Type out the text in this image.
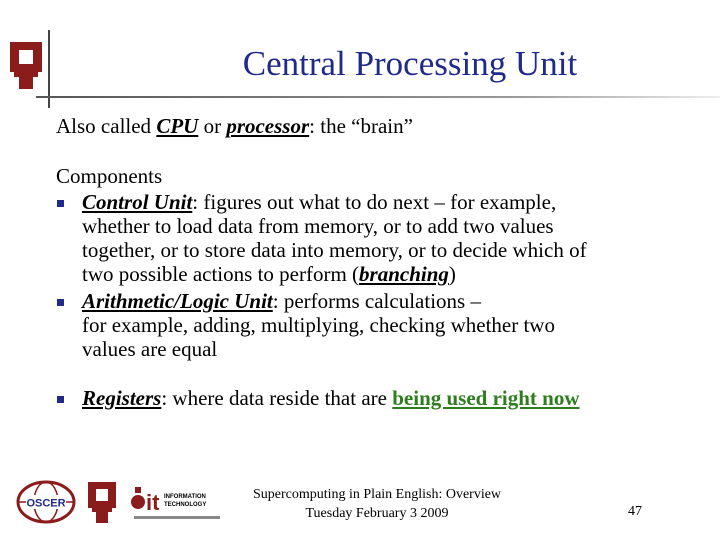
Central Processing Unit
Also called CPU or processor: the “brain”
Components
Control Unit: figures out what to do next – for example,
whether to load data from memory, or to add two values
together, or to store data into memory, or to decide which of
two possible actions to perform (branching)
Arithmetic/Logic Unit: performs calculations –
for example, adding, multiplying, checking whether two
values are equal
Registers: where data reside that are being used right now
OSCER	it INFORMATION
TECHNOLOGY
Supercomputing in Plain English: Overview
Tuesday February 3 2009	47
